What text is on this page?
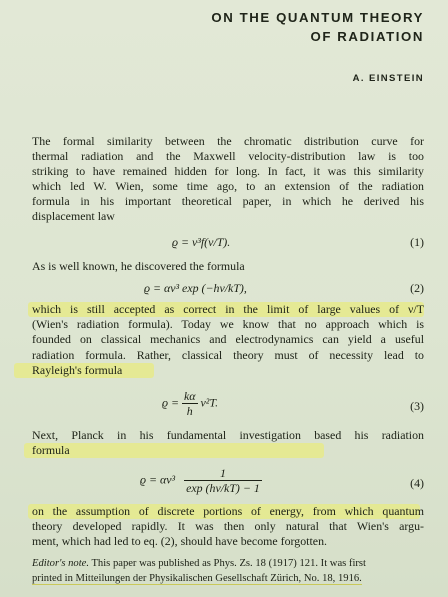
ON THE QUANTUM THEORY
OF RADIATION
A. EINSTEIN
The formal similarity between the chromatic distribution curve for
thermal radiation and the Maxwell velocity-distribution law is too
striking to have remained hidden for long. In fact, it was this similarity
which led W. Wien, some time ago, to an extension of the radiation
formula in his important theoretical paper, in which he derived his
displacement law
ϱ = ν³f(ν/T).	(1)
As is well known, he discovered the formula
ϱ = αν³ exp (−hν/kT),	(2)
which is still accepted as correct in the limit of large values of ν/T
(Wien's radiation formula). Today we know that no approach which is
founded on classical mechanics and electrodynamics can yield a useful
radiation formula. Rather, classical theory must of necessity lead to
Rayleigh's formula
$ϱ = \frac{k\alpha}{h} \nu^2T$.	(3)
Next, Planck in his fundamental investigation based his radiation
formula
$ϱ = \alpha\nu^3 \frac{1}{\exp (h\nu/kT) - 1}$	(4)
on the assumption of discrete portions of energy, from which quantum
theory developed rapidly. It was then only natural that Wien's argu-
ment, which had led to eq. (2), should have become forgotten.
Editor's note. This paper was published as Phys. Zs. 18 (1917) 121. It was first
printed in Mitteilungen der Physikalischen Gesellschaft Zürich, No. 18, 1916.
